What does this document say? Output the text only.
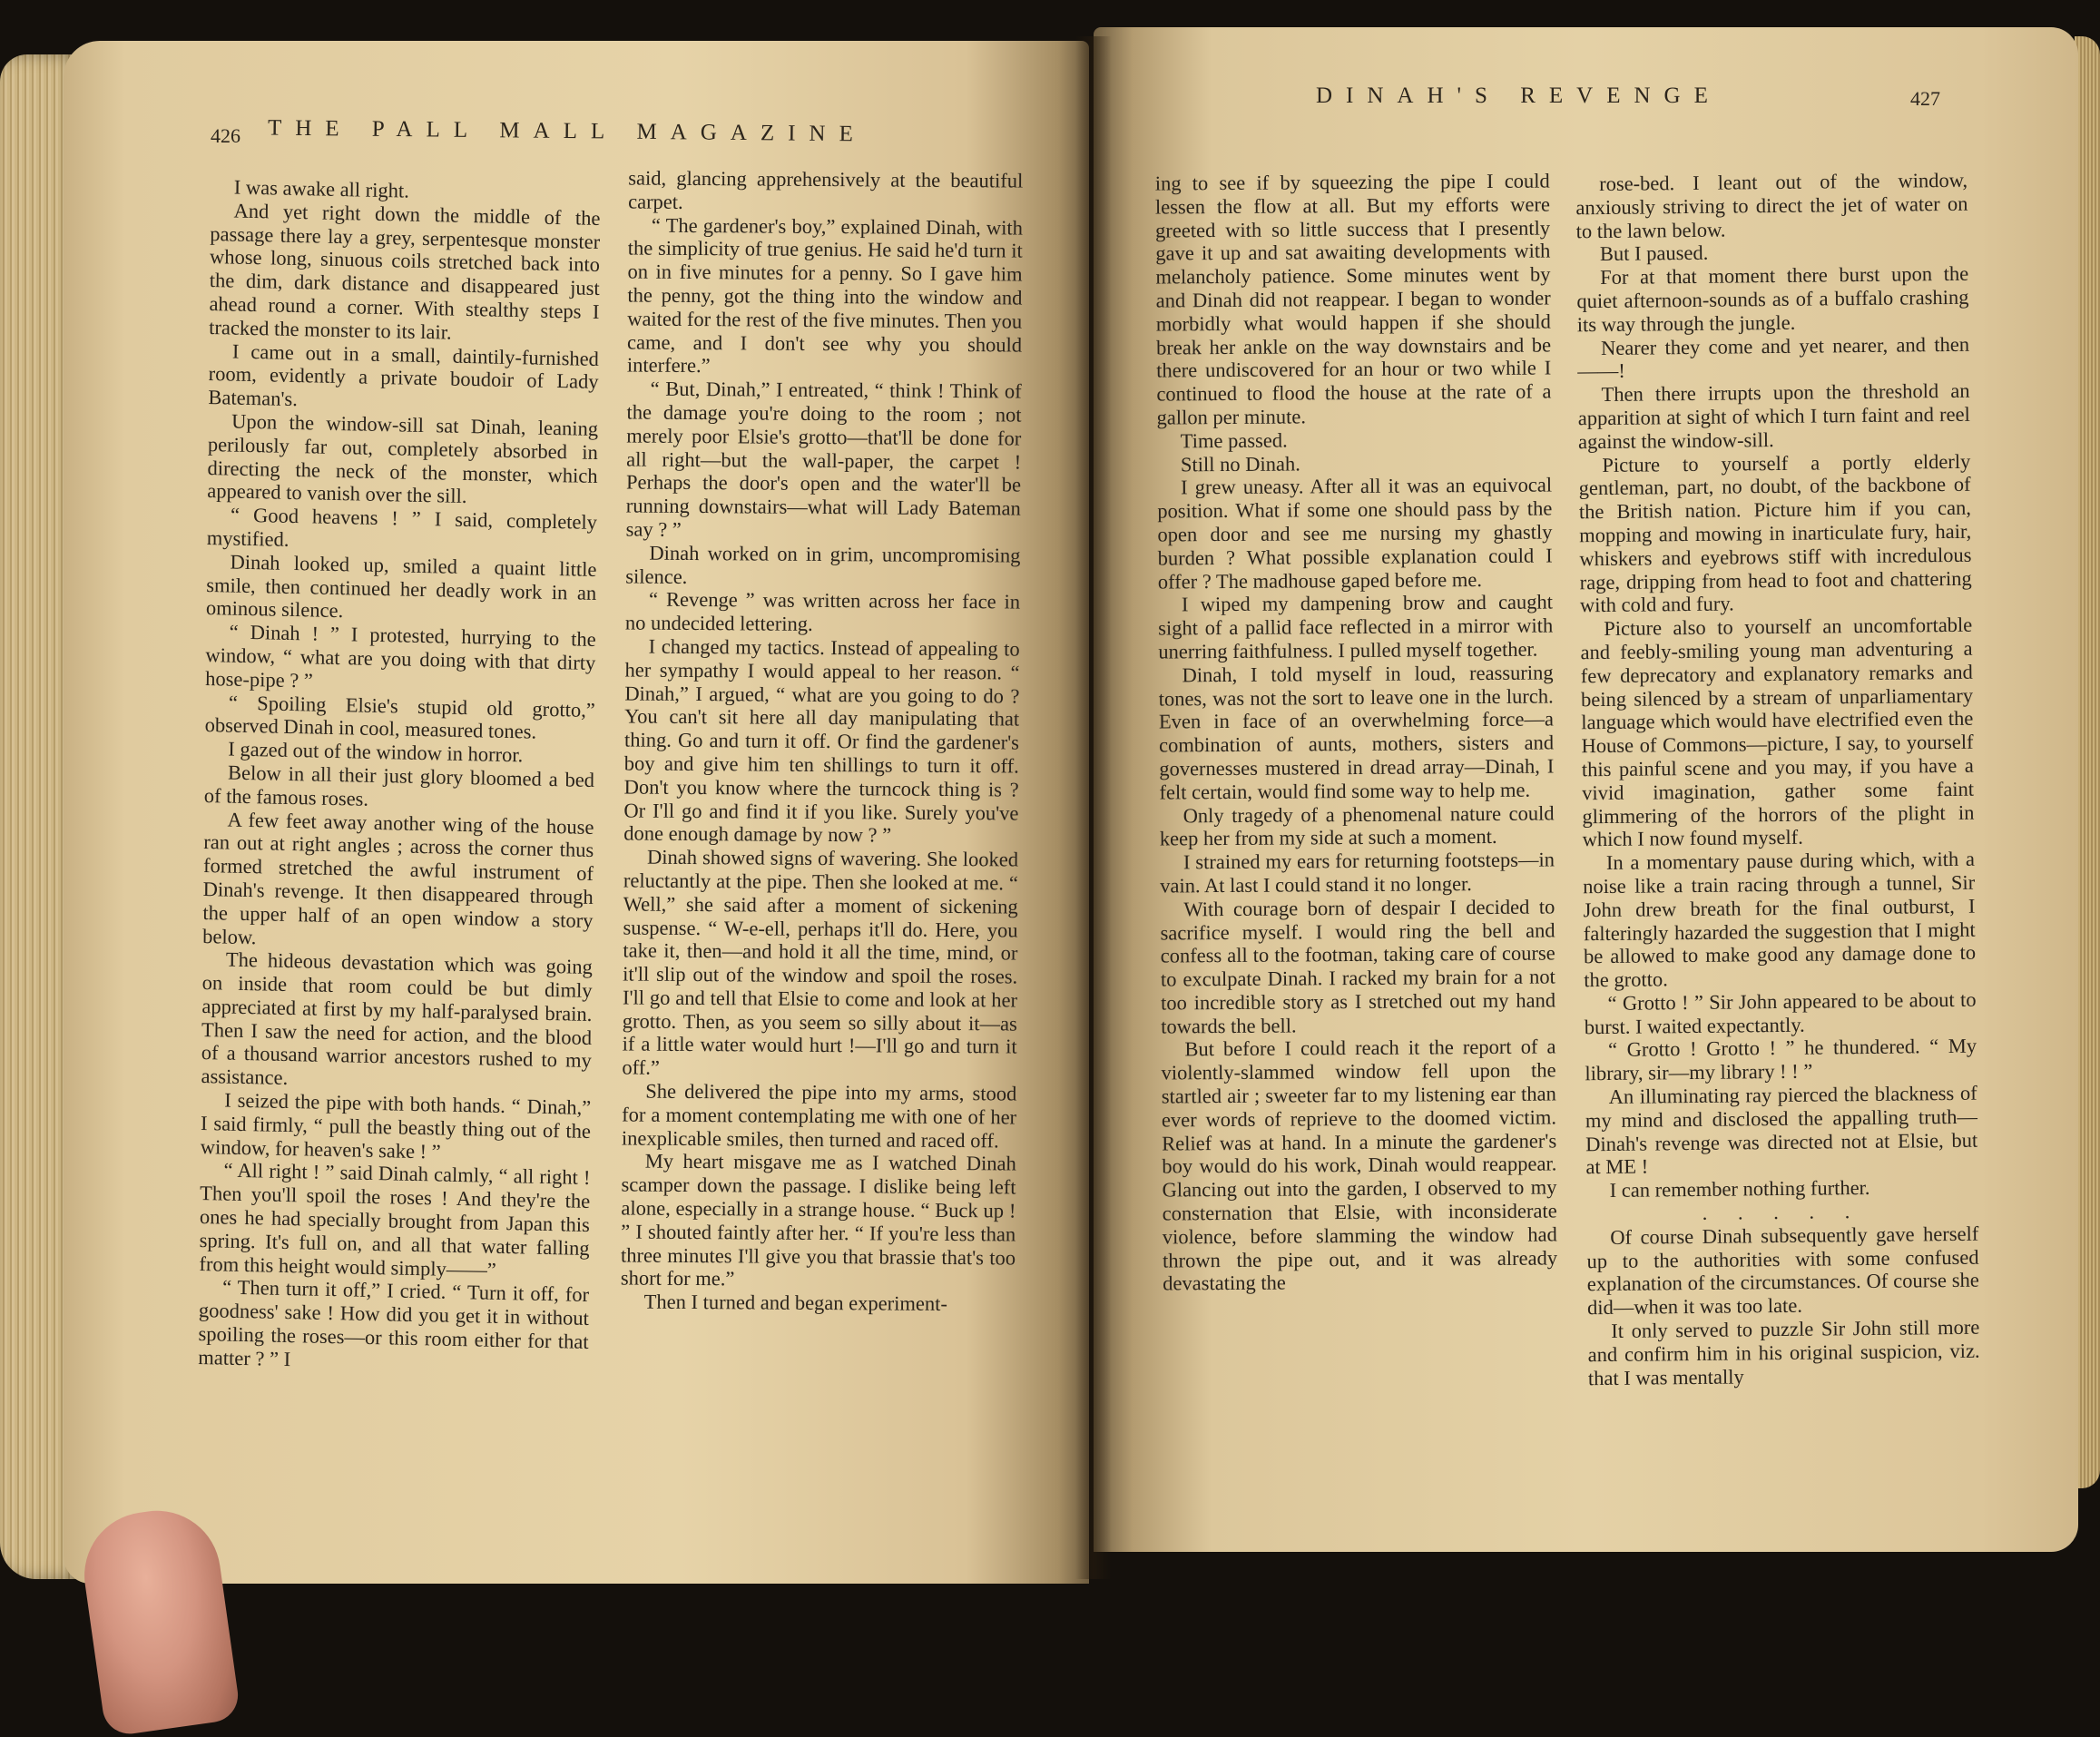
426 THE PALL MALL MAGAZINE

I was awake all right.

And yet right down the middle of the passage there lay a grey, serpentesque monster whose long, sinuous coils stretched back into the dim, dark distance and disappeared just ahead round a corner. With stealthy steps I tracked the monster to its lair.

I came out in a small, daintily-furnished room, evidently a private boudoir of Lady Bateman's.

Upon the window-sill sat Dinah, leaning perilously far out, completely absorbed in directing the neck of the monster, which appeared to vanish over the sill.

“ Good heavens ! ” I said, completely mystified.

Dinah looked up, smiled a quaint little smile, then continued her deadly work in an ominous silence.

“ Dinah ! ” I protested, hurrying to the window, “ what are you doing with that dirty hose-pipe ? ”

“ Spoiling Elsie's stupid old grotto,” observed Dinah in cool, measured tones.

I gazed out of the window in horror.

Below in all their just glory bloomed a bed of the famous roses.

A few feet away another wing of the house ran out at right angles ; across the corner thus formed stretched the awful instrument of Dinah's revenge. It then disappeared through the upper half of an open window a story below.

The hideous devastation which was going on inside that room could be but dimly appreciated at first by my half-paralysed brain. Then I saw the need for action, and the blood of a thousand warrior ancestors rushed to my assistance.

I seized the pipe with both hands. “ Dinah,” I said firmly, “ pull the beastly thing out of the window, for heaven's sake ! ”

“ All right ! ” said Dinah calmly, “ all right ! Then you'll spoil the roses ! And they're the ones he had specially brought from Japan this spring. It's full on, and all that water falling from this height would simply——”

“ Then turn it off,” I cried. “ Turn it off, for goodness' sake ! How did you get it in without spoiling the roses—or this room either for that matter ? ” I

said, glancing apprehensively at the beautiful carpet.

“ The gardener's boy,” explained Dinah, with the simplicity of true genius. He said he'd turn it on in five minutes for a penny. So I gave him the penny, got the thing into the window and waited for the rest of the five minutes. Then you came, and I don't see why you should interfere.”

“ But, Dinah,” I entreated, “ think ! Think of the damage you're doing to the room ; not merely poor Elsie's grotto—that'll be done for all right—but the wall-paper, the carpet ! Perhaps the door's open and the water'll be running downstairs—what will Lady Bateman say ? ”

Dinah worked on in grim, uncompromising silence.

“ Revenge ” was written across her face in no undecided lettering.

I changed my tactics. Instead of appealing to her sympathy I would appeal to her reason. “ Dinah,” I argued, “ what are you going to do ? You can't sit here all day manipulating that thing. Go and turn it off. Or find the gardener's boy and give him ten shillings to turn it off. Don't you know where the turncock thing is ? Or I'll go and find it if you like. Surely you've done enough damage by now ? ”

Dinah showed signs of wavering. She looked reluctantly at the pipe. Then she looked at me. “ Well,” she said after a moment of sickening suspense. “ W-e-ell, perhaps it'll do. Here, you take it, then—and hold it all the time, mind, or it'll slip out of the window and spoil the roses. I'll go and tell that Elsie to come and look at her grotto. Then, as you seem so silly about it—as if a little water would hurt !—I'll go and turn it off.”

She delivered the pipe into my arms, stood for a moment contemplating me with one of her inexplicable smiles, then turned and raced off.

My heart misgave me as I watched Dinah scamper down the passage. I dislike being left alone, especially in a strange house. “ Buck up ! ” I shouted faintly after her. “ If you're less than three minutes I'll give you that brassie that's too short for me.”

Then I turned and began experiment-

DINAH'S REVENGE	427

ing to see if by squeezing the pipe I could lessen the flow at all. But my efforts were greeted with so little success that I presently gave it up and sat awaiting developments with melancholy patience. Some minutes went by and Dinah did not reappear. I began to wonder morbidly what would happen if she should break her ankle on the way downstairs and be there undiscovered for an hour or two while I continued to flood the house at the rate of a gallon per minute.

Time passed.

Still no Dinah.

I grew uneasy. After all it was an equivocal position. What if some one should pass by the open door and see me nursing my ghastly burden ? What possible explanation could I offer ? The madhouse gaped before me.

I wiped my dampening brow and caught sight of a pallid face reflected in a mirror with unerring faithfulness. I pulled myself together.

Dinah, I told myself in loud, reassuring tones, was not the sort to leave one in the lurch. Even in face of an overwhelming force—a combination of aunts, mothers, sisters and governesses mustered in dread array—Dinah, I felt certain, would find some way to help me.

Only tragedy of a phenomenal nature could keep her from my side at such a moment.

I strained my ears for returning footsteps—in vain. At last I could stand it no longer.

With courage born of despair I decided to sacrifice myself. I would ring the bell and confess all to the footman, taking care of course to exculpate Dinah. I racked my brain for a not too incredible story as I stretched out my hand towards the bell.

But before I could reach it the report of a violently-slammed window fell upon the startled air ; sweeter far to my listening ear than ever words of reprieve to the doomed victim. Relief was at hand. In a minute the gardener's boy would do his work, Dinah would reappear. Glancing out into the garden, I observed to my consternation that Elsie, with inconsiderate violence, before slamming the window had thrown the pipe out, and it was already devastating the

rose-bed. I leant out of the window, anxiously striving to direct the jet of water on to the lawn below.

But I paused.

For at that moment there burst upon the quiet afternoon-sounds as of a buffalo crashing its way through the jungle.

Nearer they come and yet nearer, and then——!

Then there irrupts upon the threshold an apparition at sight of which I turn faint and reel against the window-sill.

Picture to yourself a portly elderly gentleman, part, no doubt, of the backbone of the British nation. Picture him if you can, mopping and mowing in inarticulate fury, hair, whiskers and eyebrows stiff with incredulous rage, dripping from head to foot and chattering with cold and fury.

Picture also to yourself an uncomfortable and feebly-smiling young man adventuring a few deprecatory and explanatory remarks and being silenced by a stream of unparliamentary language which would have electrified even the House of Commons—picture, I say, to yourself this painful scene and you may, if you have a vivid imagination, gather some faint glimmering of the horrors of the plight in which I now found myself.

In a momentary pause during which, with a noise like a train racing through a tunnel, Sir John drew breath for the final outburst, I falteringly hazarded the suggestion that I might be allowed to make good any damage done to the grotto.

“ Grotto ! ” Sir John appeared to be about to burst. I waited expectantly.

“ Grotto ! Grotto ! ” he thundered. “ My library, sir—my library ! ! ”

An illuminating ray pierced the blackness of my mind and disclosed the appalling truth—Dinah's revenge was directed not at Elsie, but at ME !

I can remember nothing further.

. . . . .

Of course Dinah subsequently gave herself up to the authorities with some confused explanation of the circumstances. Of course she did—when it was too late.

It only served to puzzle Sir John still more and confirm him in his original suspicion, viz. that I was mentally
